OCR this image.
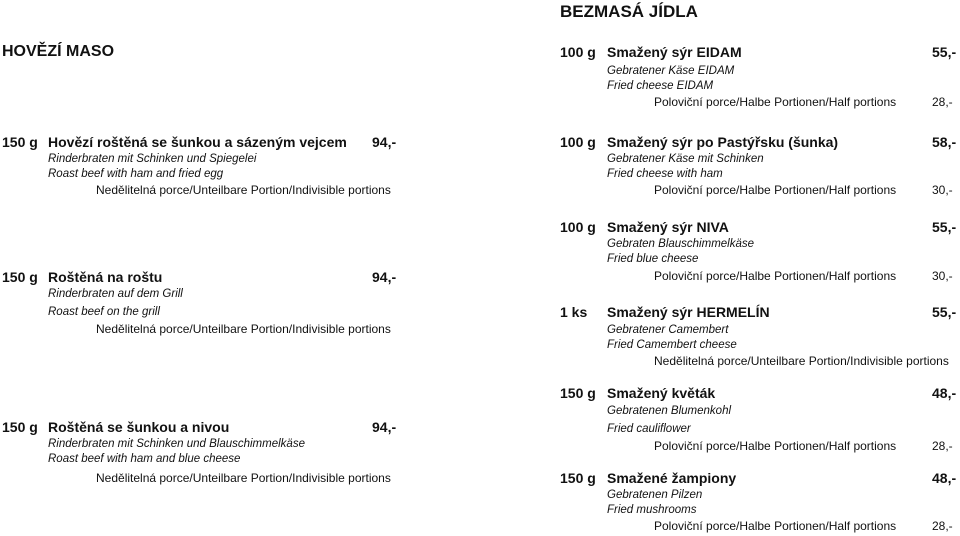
BEZMASÁ JÍDLA
HOVĚZÍ MASO
150 g Hovězí roštěná se šunkou a sázeným vejcem 94,-
Rinderbraten mit Schinken und Spiegelei
Roast beef with ham and fried egg
Nedělitelná porce/Unteilbare Portion/Indivisible portions
150 g Roštěná na roštu	94,-
Rinderbraten auf dem Grill
Roast beef on the grill
Nedělitelná porce/Unteilbare Portion/Indivisible portions
150 g Roštěná se šunkou a nivou	94,-
Rinderbraten mit Schinken und Blauschimmelkäse
Roast beef with ham and blue cheese
Nedělitelná porce/Unteilbare Portion/Indivisible portions
100 g Smažený sýr EIDAM	55,-
Gebratener Käse EIDAM
Fried cheese EIDAM
Poloviční porce/Halbe Portionen/Half portions	28,-
100 g Smažený sýr po Pastýřsku (šunka)	58,-
Gebratener Käse mit Schinken
Fried cheese with ham
Poloviční porce/Halbe Portionen/Half portions	30,-
100 g Smažený sýr NIVA	55,-
Gebraten Blauschimmelkäse
Fried blue cheese
Poloviční porce/Halbe Portionen/Half portions	30,-
1 ks Smažený sýr HERMELÍN	55,-
Gebratener Camembert
Fried Camembert cheese
Nedělitelná porce/Unteilbare Portion/Indivisible portions
150 g Smažený květák	48,-
Gebratenen Blumenkohl
Fried cauliflower
Poloviční porce/Halbe Portionen/Half portions	28,-
150 g Smažené žampiony	48,-
Gebratenen Pilzen
Fried mushrooms
Poloviční porce/Halbe Portionen/Half portions	28,-
